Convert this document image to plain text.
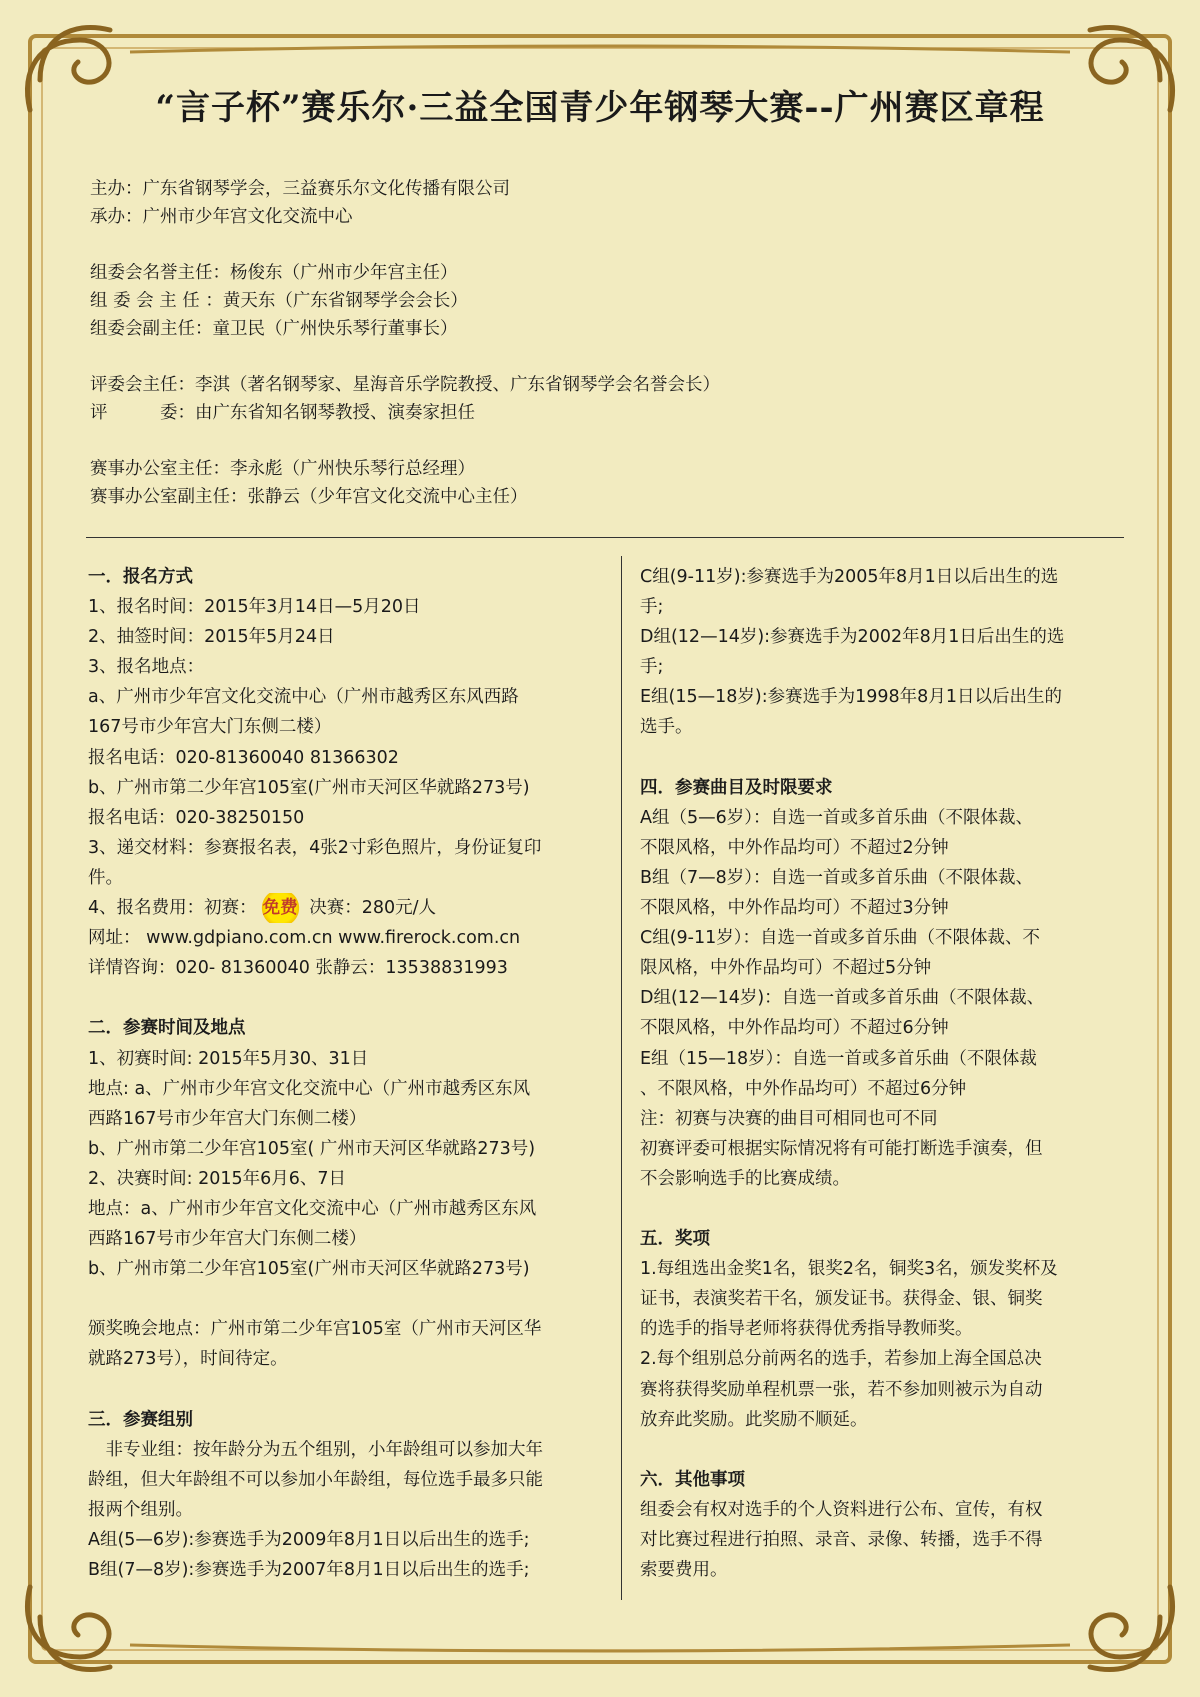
“言子杯”赛乐尔·三益全国青少年钢琴大赛--广州赛区章程
主办：广东省钢琴学会，三益赛乐尔文化传播有限公司
承办：广州市少年宫文化交流中心
组委会名誉主任：杨俊东（广州市少年宫主任）
组 委 会 主 任 ：黄天东（广东省钢琴学会会长）
组委会副主任：童卫民（广州快乐琴行董事长）
评委会主任：李淇（著名钢琴家、星海音乐学院教授、广东省钢琴学会名誉会长）
评　　　委：由广东省知名钢琴教授、演奏家担任
赛事办公室主任：李永彪（广州快乐琴行总经理）
赛事办公室副主任：张静云（少年宫文化交流中心主任）
一．报名方式
1、报名时间：2015年3月14日—5月20日
2、抽签时间：2015年5月24日
3、报名地点：
a、广州市少年宫文化交流中心（广州市越秀区东风西路
167号市少年宫大门东侧二楼）
报名电话：020-81360040 81366302
b、广州市第二少年宫105室(广州市天河区华就路273号)
报名电话：020-38250150
3、递交材料：参赛报名表，4张2寸彩色照片，身份证复印
件。
4、报名费用：初赛： 免费 决赛：280元/人
网址： www.gdpiano.com.cn www.firerock.com.cn
详情咨询：020- 81360040 张静云：13538831993
二．参赛时间及地点
1、初赛时间: 2015年5月30、31日
地点: a、广州市少年宫文化交流中心（广州市越秀区东风
西路167号市少年宫大门东侧二楼）
b、广州市第二少年宫105室( 广州市天河区华就路273号)
2、决赛时间: 2015年6月6、7日
地点：a、广州市少年宫文化交流中心（广州市越秀区东风
西路167号市少年宫大门东侧二楼）
b、广州市第二少年宫105室(广州市天河区华就路273号)
颁奖晚会地点：广州市第二少年宫105室（广州市天河区华
就路273号），时间待定。
三．参赛组别
　非专业组：按年龄分为五个组别，小年龄组可以参加大年
龄组，但大年龄组不可以参加小年龄组，每位选手最多只能
报两个组别。
A组(5—6岁):参赛选手为2009年8月1日以后出生的选手;
B组(7—8岁):参赛选手为2007年8月1日以后出生的选手;
C组(9-11岁):参赛选手为2005年8月1日以后出生的选
手;
D组(12—14岁):参赛选手为2002年8月1日后出生的选
手;
E组(15—18岁):参赛选手为1998年8月1日以后出生的
选手。
四．参赛曲目及时限要求
A组（5—6岁）：自选一首或多首乐曲（不限体裁、
不限风格，中外作品均可）不超过2分钟
B组（7—8岁）：自选一首或多首乐曲（不限体裁、
不限风格，中外作品均可）不超过3分钟
C组(9-11岁）：自选一首或多首乐曲（不限体裁、不
限风格，中外作品均可）不超过5分钟
D组(12—14岁)：自选一首或多首乐曲（不限体裁、
不限风格，中外作品均可）不超过6分钟
E组（15—18岁）：自选一首或多首乐曲（不限体裁
、不限风格，中外作品均可）不超过6分钟
注：初赛与决赛的曲目可相同也可不同
初赛评委可根据实际情况将有可能打断选手演奏，但
不会影响选手的比赛成绩。
五．奖项
1.每组选出金奖1名，银奖2名，铜奖3名，颁发奖杯及
证书，表演奖若干名，颁发证书。获得金、银、铜奖
的选手的指导老师将获得优秀指导教师奖。
2.每个组别总分前两名的选手，若参加上海全国总决
赛将获得奖励单程机票一张，若不参加则被示为自动
放弃此奖励。此奖励不顺延。
六．其他事项
组委会有权对选手的个人资料进行公布、宣传，有权
对比赛过程进行拍照、录音、录像、转播，选手不得
索要费用。
